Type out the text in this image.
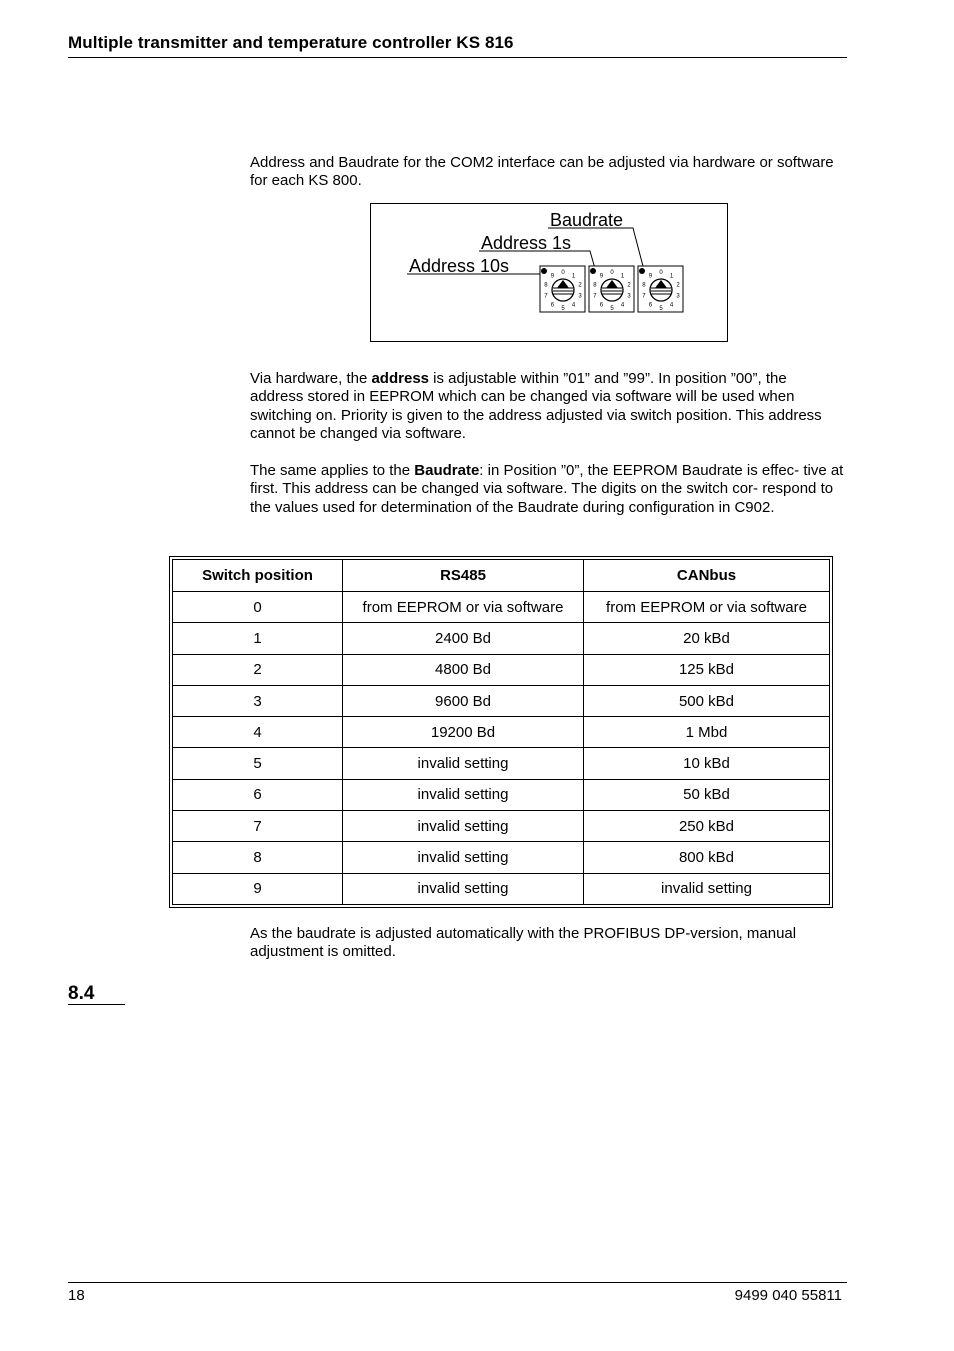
Multiple transmitter and temperature controller KS 816

Address and Baudrate for the COM2 interface can be adjusted via hardware or software for each KS 800.

Baudrate
Address 1s
Address 10s	0
1
2
3
4
5
6
7
8
9
0
1
2
3
4
5
6
7
8
9
0
1
2
3
4
5
6
7
8
9

Via hardware, the address is adjustable within ”01” and ”99”. In position ”00”, the address stored in EEPROM which can be changed via software will be used when switching on. Priority is given to the address adjusted via switch position. This address cannot be changed via software.

The same applies to the Baudrate: in Position ”0”, the EEPROM Baudrate is effec- tive at first. This address can be changed via software. The digits on the switch cor- respond to the values used for determination of the Baudrate during configuration in C902.

Switch position	RS485	CANbus
0	from EEPROM or via software	from EEPROM or via software
1	2400 Bd	20 kBd
2	4800 Bd	125 kBd
3	9600 Bd	500 kBd
4	19200 Bd	1 Mbd
5	invalid setting	10 kBd
6	invalid setting	50 kBd
7	invalid setting	250 kBd
8	invalid setting	800 kBd
9	invalid setting	invalid setting

As the baudrate is adjusted automatically with the PROFIBUS DP-version, manual adjustment is omitted.

8.4
18	9499 040 55811
